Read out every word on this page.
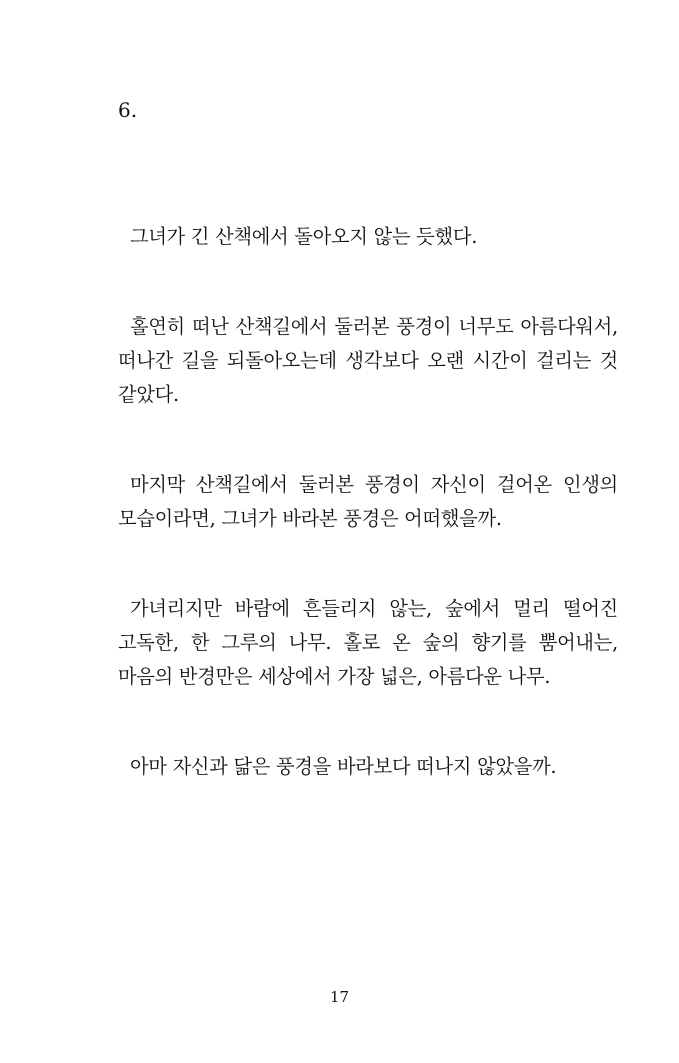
6.

그녀가 긴 산책에서 돌아오지 않는 듯했다.

홀연히 떠난 산책길에서 둘러본 풍경이 너무도 아름다워서, 떠나간 길을 되돌아오는데 생각보다 오랜 시간이 걸리는 것 같았다.

마지막 산책길에서 둘러본 풍경이 자신이 걸어온 인생의 모습이라면, 그녀가 바라본 풍경은 어떠했을까.

가녀리지만 바람에 흔들리지 않는, 숲에서 멀리 떨어진 고독한, 한 그루의 나무. 홀로 온 숲의 향기를 뿜어내는, 마음의 반경만은 세상에서 가장 넓은, 아름다운 나무.

아마 자신과 닮은 풍경을 바라보다 떠나지 않았을까.

17
